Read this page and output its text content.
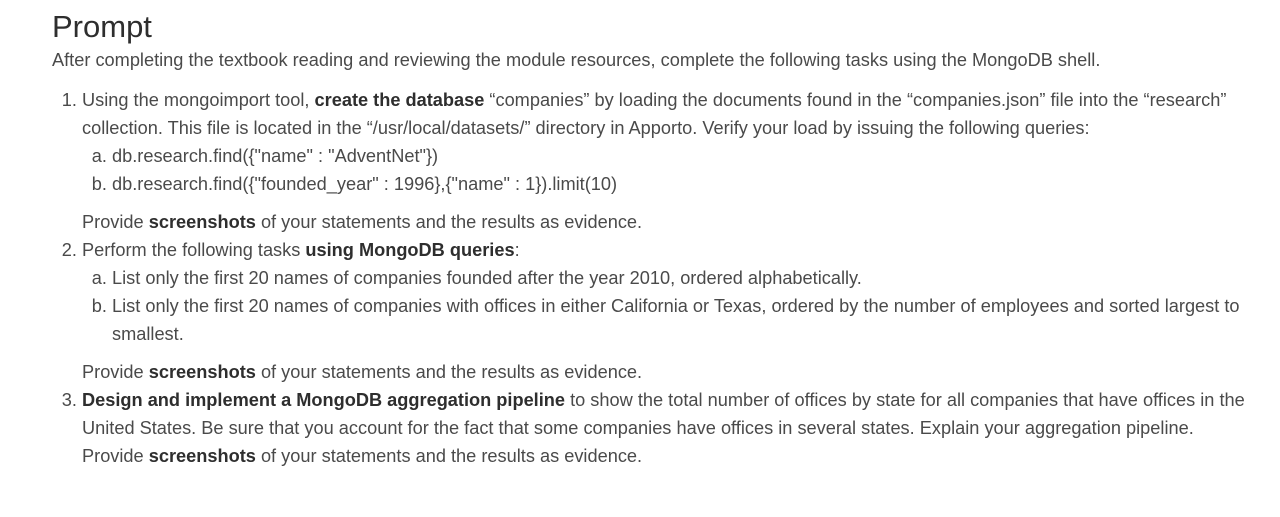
Prompt

After completing the textbook reading and reviewing the module resources, complete the following tasks using the MongoDB shell.

1. Using the mongoimport tool, create the database “companies” by loading the documents found in the “companies.json” file into the “research” collection. This file is located in the “/usr/local/datasets/” directory in Apporto. Verify your load by issuing the following queries:
a. db.research.find({"name" : "AdventNet"})
b. db.research.find({"founded_year" : 1996},{"name" : 1}).limit(10)

Provide screenshots of your statements and the results as evidence.

2. Perform the following tasks using MongoDB queries:
a. List only the first 20 names of companies founded after the year 2010, ordered alphabetically.
b. List only the first 20 names of companies with offices in either California or Texas, ordered by the number of employees and sorted largest to smallest.

Provide screenshots of your statements and the results as evidence.

3. Design and implement a MongoDB aggregation pipeline to show the total number of offices by state for all companies that have offices in the United States. Be sure that you account for the fact that some companies have offices in several states. Explain your aggregation pipeline.

Provide screenshots of your statements and the results as evidence.
